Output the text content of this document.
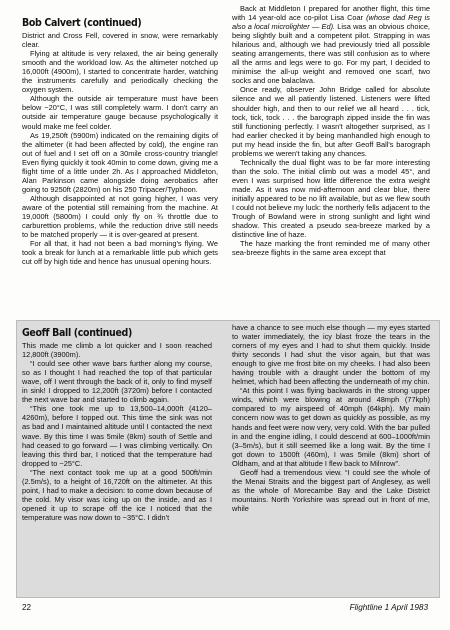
Bob Calvert (continued)

District and Cross Fell, covered in snow, were remarkably clear.

Flying at altitude is very relaxed, the air being generally smooth and the workload low. As the altimeter notched up 16,000ft (4900m), I started to concentrate harder, watching the instruments carefully and periodically checking the oxygen system.

Although the outside air temperature must have been below −20°C, I was still completely warm. I don't carry an outside air temperature gauge because psychologically it would make me feel colder.

As 19,250ft (5900m) indicated on the remaining digits of the altimeter (it had been affected by cold), the engine ran out of fuel and I set off on a 30mile cross-country triangle! Even flying quickly it took 40min to come down, giving me a flight time of a little under 2h. As I approached Middleton, Alan Parkinson came alongside doing aerobatics after going to 9250ft (2820m) on his 250 Tripacer/Typhoon.

Although disappointed at not going higher, I was very aware of the potential still remaining from the machine. At 19,000ft (5800m) I could only fly on ¾ throttle due to carburettion problems, while the reduction drive still needs to be matched properly — it is over-geared at present.

For all that, it had not been a bad morning's flying. We took a break for lunch at a remarkable little pub which gets cut off by high tide and hence has unusual opening hours.

Back at Middleton I prepared for another flight, this time with 14 year-old ace co-pilot Lisa Coar (whose dad Reg is also a local microlighter — Ed). Lisa was an obvious choice, being slightly built and a competent pilot. Strapping in was hilarious and, although we had previously tried all possible seating arrangements, there was still confusion as to where all the arms and legs were to go. For my part, I decided to minimise the all-up weight and removed one scarf, two socks and one balaclava.

Once ready, observer John Bridge called for absolute silence and we all patiently listened. Listeners were lifted shoulder high, and then to our relief we all heard . . . tick, tock, tick, tock . . . the barograph zipped inside the fin was still functioning perfectly. I wasn't altogether surprised, as I had earlier checked it by being manhandled high enough to put my head inside the fin, but after Geoff Ball's barograph problems we weren't taking any chances.

Technically the dual flight was to be far more interesting than the solo. The initial climb out was a model 45°, and even I was surprised how little difference the extra weight made. As it was now mid-afternoon and clear blue, there initially appeared to be no lift available, but as we flew south I could not believe my luck: the northerly fells adjacent to the Trough of Bowland were in strong sunlight and light wind shadow. This created a pseudo sea-breeze marked by a distinctive line of haze.

The haze marking the front reminded me of many other sea-breeze flights in the same area except that

Geoff Ball (continued)

This made me climb a lot quicker and I soon reached 12,800ft (3900m).

“I could see other wave bars further along my course, so as I thought I had reached the top of that particular wave, off I went through the back of it, only to find myself in sink! I dropped to 12,200ft (3720m) before I contacted the next wave bar and started to climb again.

“This one took me up to 13,500–14,000ft (4120–4260m), before I topped out. This time the sink was not as bad and I maintained altitude until I contacted the next wave. By this time I was 5mile (8km) south of Settle and had ceased to go forward — I was climbing vertically. On leaving this third bar, I noticed that the temperature had dropped to −25°C.

“The next contact took me up at a good 500ft/min (2.5m/s), to a height of 16,720ft on the altimeter. At this point, I had to make a decision: to come down because of the cold. My visor was icing up on the inside, and as I opened it up to scrape off the ice I noticed that the temperature was now down to −35°C. I didn't

have a chance to see much else though — my eyes started to water immediately, the icy blast froze the tears in the corners of my eyes and I had to shut them quickly. Inside thirty seconds I had shut the visor again, but that was enough to give me frost bite on my cheeks. I had also been having trouble with a draught under the bottom of my helmet, which had been affecting the underneath of my chin.

“At this point I was flying backwards in the strong upper winds, which were blowing at around 48mph (77kph) compared to my airspeed of 40mph (64kph). My main concern now was to get down as quickly as possible, as my hands and feet were now very, very cold. With the bar pulled in and the engine idling, I could descend at 600–1000ft/min (3–5m/s), but it still seemed like a long wait. By the time I got down to 1500ft (460m), I was 5mile (8km) short of Oldham, and at that altitude I flew back to Milnrow”.

Geoff had a tremendous view. “I could see the whole of the Menai Straits and the biggest part of Anglesey, as well as the whole of Morecambe Bay and the Lake District mountains. North Yorkshire was spread out in front of me, while

22	Flightline 1 April 1983
